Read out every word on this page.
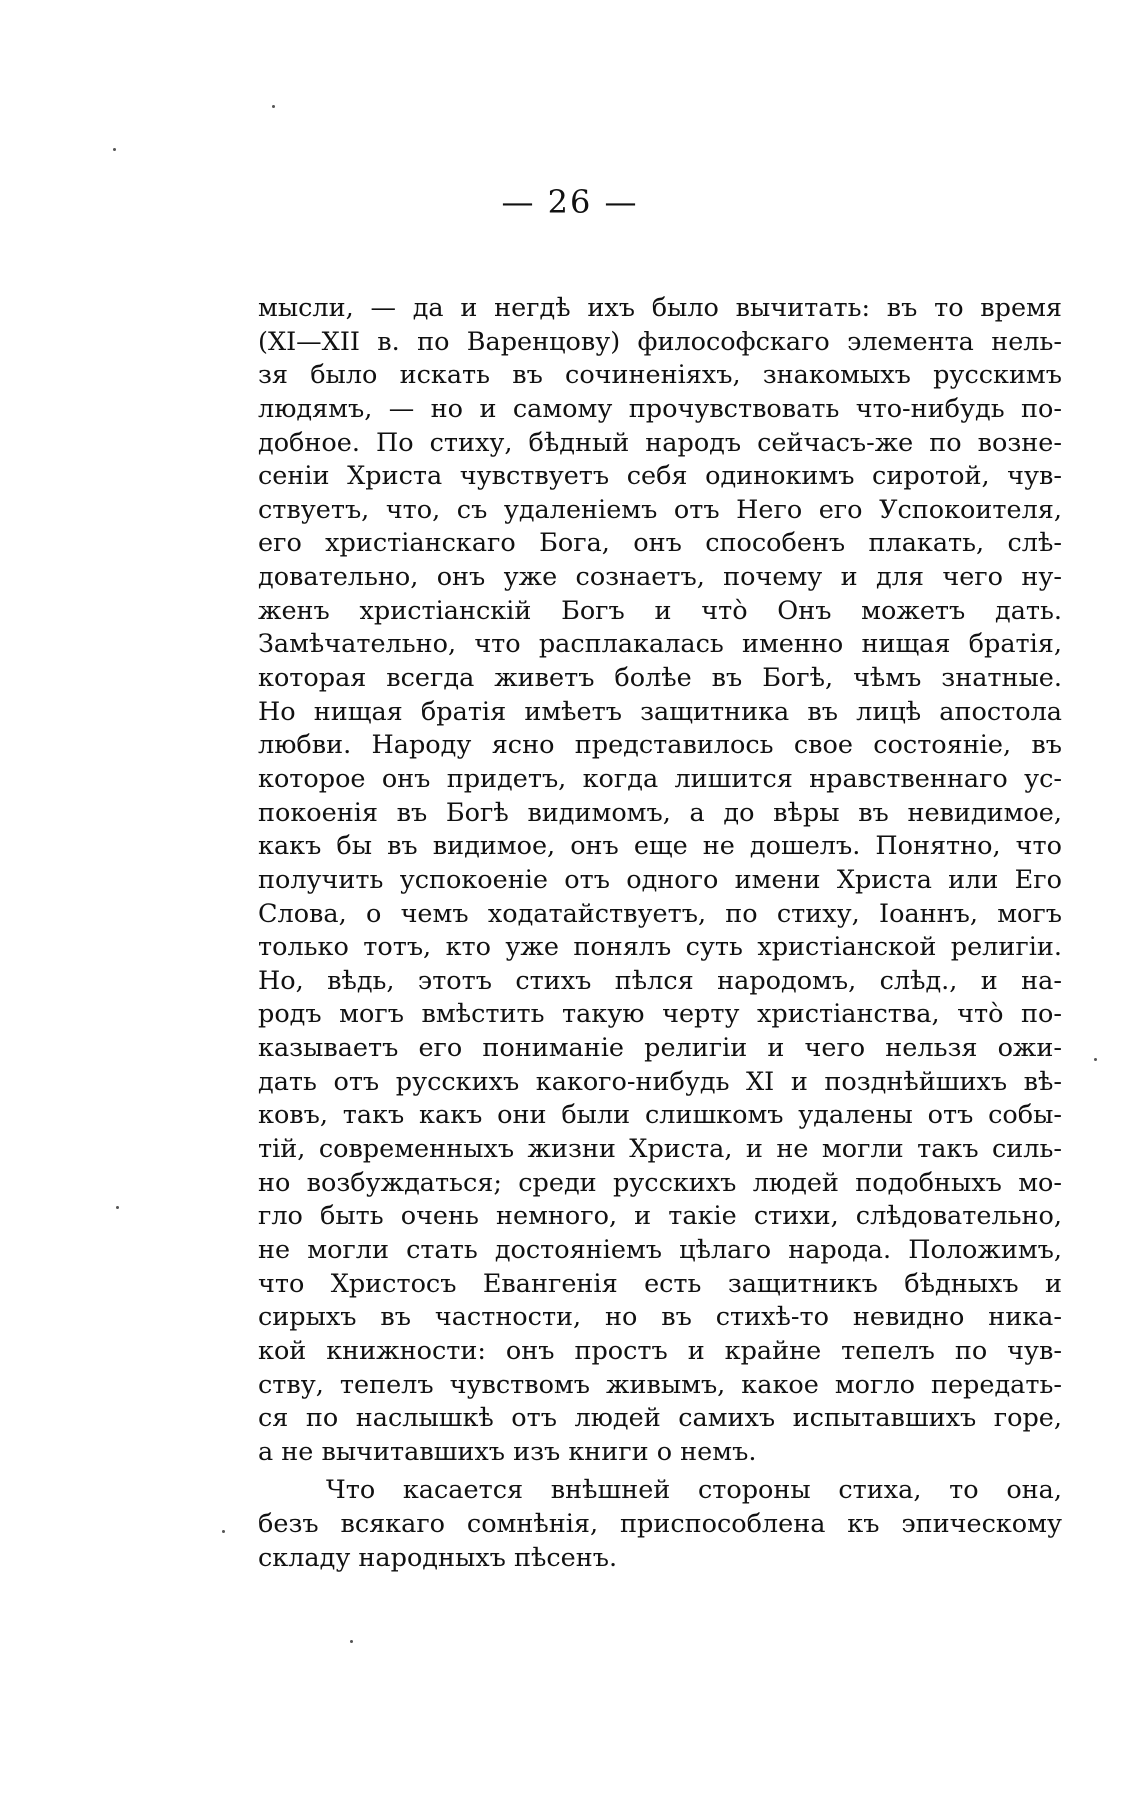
— 26 —
мысли, — да и негдѣ ихъ было вычитать: въ то время
(XI—XII в. по Варенцову) философскаго элемента нель-
зя было искать въ сочиненіяхъ, знакомыхъ русскимъ
людямъ, — но и самому прочувствовать что-нибудь по-
добное. По стиху, бѣдный народъ сейчасъ-же по вознe-
сеніи Христа чувствуетъ себя одинокимъ сиротой, чув-
ствуетъ, что, съ удаленіемъ отъ Него его Успокоителя,
его христіанскаго Бога, онъ способенъ плакать, слѣ-
довательно, онъ уже сознаетъ, почему и для чего ну-
женъ христіанскій Богъ и что̀ Онъ можетъ дать.
Замѣчательно, что расплакалась именно нищая братія,
которая всегда живетъ болѣе въ Богѣ, чѣмъ знатные.
Но нищая братія имѣетъ защитника въ лицѣ апостола
любви. Народу ясно представилось свое состояніе, въ
которое онъ придетъ, когда лишится нравственнаго ус-
покоенія въ Богѣ видимомъ, а до вѣры въ невидимое,
какъ бы въ видимое, онъ еще не дошелъ. Понятно, что
получить успокоеніе отъ одного имени Христа или Его
Слова, о чемъ ходатайствуетъ, по стиху, Іоаннъ, могъ
только тотъ, кто уже понялъ суть христіанской религіи.
Но, вѣдь, этотъ стихъ пѣлся народомъ, слѣд., и на-
родъ могъ вмѣстить такую черту христіанства, что̀ по-
казываетъ его пониманіе религіи и чего нельзя ожи-
дать отъ русскихъ какого-нибудь XI и позднѣйшихъ вѣ-
ковъ, такъ какъ они были слишкомъ удалены отъ собы-
тій, современныхъ жизни Христа, и не могли такъ силь-
но возбуждаться; среди русскихъ людей подобныхъ мо-
гло быть очень немного, и такіе стихи, слѣдовательно,
не могли стать достояніемъ цѣлаго народа. Положимъ,
что Христосъ Евангенія есть защитникъ бѣдныхъ и
сирыхъ въ частности, но въ стихѣ-то невидно ника-
кой книжности: онъ простъ и крайне тепелъ по чув-
ству, тепелъ чувствомъ живымъ, какое могло передать-
ся по наслышкѣ отъ людей самихъ испытавшихъ горе,
а не вычитавшихъ изъ книги о немъ.
Что касается внѣшней стороны стиха, то она,
безъ всякаго сомнѣнія, приспособлена къ эпическому
складу народныхъ пѣсенъ.
